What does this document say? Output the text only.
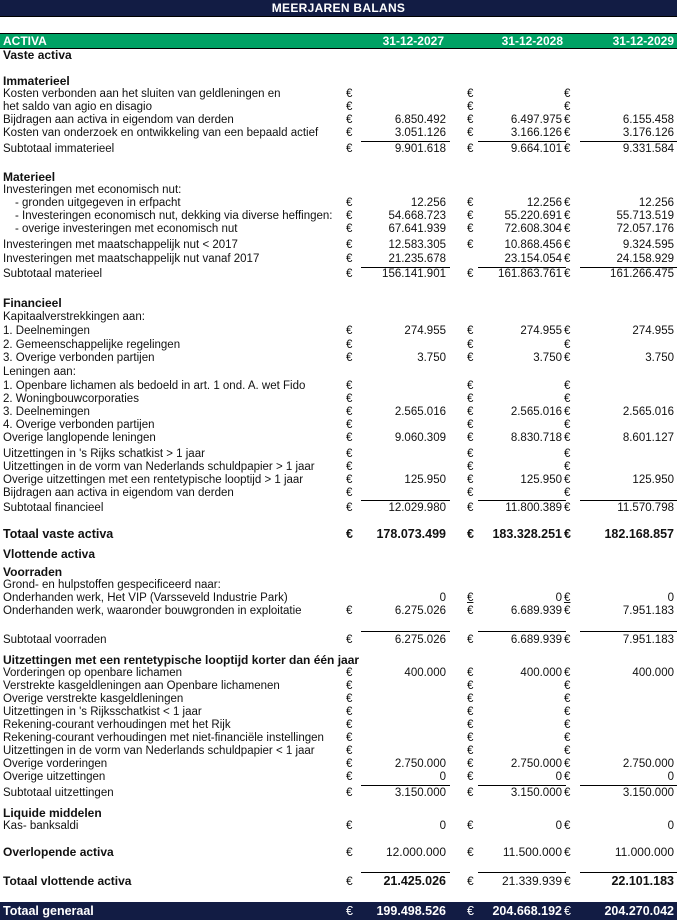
MEERJAREN BALANS
ACTIVA	31-12-2027	31-12-2028	31-12-2029
Vaste activa
Immaterieel
Kosten verbonden aan het sluiten van geldleningen en	€	€	€
het saldo van agio en disagio	€	€	€
Bijdragen aan activa in eigendom van derden	€	6.850.492 €	6.497.975 €	6.155.458
Kosten van onderzoek en ontwikkeling van een bepaald actief €	3.051.126 €	3.166.126 €	3.176.126
Subtotaal immaterieel	€	9.901.618 €	9.664.101 €	9.331.584
Materieel
Investeringen met economisch nut:
- gronden uitgegeven in erfpacht	€	12.256 €	12.256 €	12.256
- Investeringen economisch nut, dekking via diverse heffingen: €	54.668.723 €	55.220.691 €	55.713.519
- overige investeringen met economisch nut	€	67.641.939 €	72.608.304 €	72.057.176
Investeringen met maatschappelijk nut < 2017	€	12.583.305 €	10.868.456 €	9.324.595
Investeringen met maatschappelijk nut vanaf 2017	€	21.235.678	23.154.054 €	24.158.929
Subtotaal materieel	€	156.141.901 € 161.863.761 €	161.266.475
Financieel
Kapitaalverstrekkingen aan:
1. Deelnemingen	€	274.955 €	274.955 €	274.955
2. Gemeenschappelijke regelingen	€	€	€
3. Overige verbonden partijen	€	3.750 €	3.750 €	3.750
Leningen aan:
1. Openbare lichamen als bedoeld in art. 1 ond. A. wet Fido	€	€	€
2. Woningbouwcorporaties	€	€	€
3. Deelnemingen	€	2.565.016 €	2.565.016 €	2.565.016
4. Overige verbonden partijen	€	€	€
Overige langlopende leningen	€	9.060.309 €	8.830.718 €	8.601.127
Uitzettingen in 's Rijks schatkist > 1 jaar	€	€	€
Uitzettingen in de vorm van Nederlands schuldpapier > 1 jaar	€	€	€
Overige uitzettingen met een rentetypische looptijd > 1 jaar	€	125.950 €	125.950 €	125.950
Bijdragen aan activa in eigendom van derden	€	€	€
Subtotaal financieel	€	12.029.980 €	11.800.389 €	11.570.798
Totaal vaste activa	€ 178.073.499 € 183.328.251 €	182.168.857
Vlottende activa
Voorraden
Grond- en hulpstoffen gespecificeerd naar:
Onderhanden werk, Het VIP (Varsseveld Industrie Park)	0 €	0 €	0
Onderhanden werk, waaronder bouwgronden in exploitatie	€	6.275.026 €	6.689.939 €	7.951.183
Subtotaal voorraden	€	6.275.026 €	6.689.939 €	7.951.183
Uitzettingen met een rentetypische looptijd korter dan één jaar
Vorderingen op openbare lichamen	€	400.000 €	400.000 €	400.000
Verstrekte kasgeldleningen aan Openbare lichamenen	€	€	€
Overige verstrekte kasgeldleningen	€	€	€
Uitzettingen in 's Rijksschatkist < 1 jaar	€	€	€
Rekening-courant verhoudingen met het Rijk	€	€	€
Rekening-courant verhoudingen met niet-financiële instellingen €	€	€
Uitzettingen in de vorm van Nederlands schuldpapier < 1 jaar	€	€	€
Overige vorderingen	€	2.750.000 €	2.750.000 €	2.750.000
Overige uitzettingen	€	0 €	0 €	0
Subtotaal uitzettingen	€	3.150.000 €	3.150.000 €	3.150.000
Liquide middelen
Kas- banksaldi	€	0 €	0 €	0
Overlopende activa	€	12.000.000 € 11.500.000 €	11.000.000
Totaal vlottende activa	€ 21.425.026 € 21.339.939 €	22.101.183
Totaal generaal	€ 199.498.526 € 204.668.192 €	204.270.042
